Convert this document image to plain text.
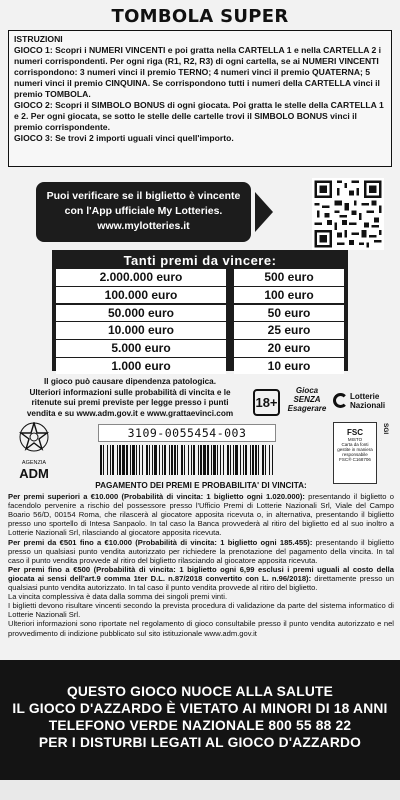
TOMBOLA SUPER

ISTRUZIONI

GIOCO 1: Scopri i NUMERI VINCENTI e poi gratta nella CARTELLA 1 e nella CARTELLA 2 i numeri corrispondenti. Per ogni riga (R1, R2, R3) di ogni cartella, se ai NUMERI VINCENTI corrispondono: 3 numeri vinci il premio TERNO; 4 numeri vinci il premio QUATERNA; 5 numeri vinci il premio CINQUINA. Se corrispondono tutti i numeri della CARTELLA vinci il premio TOMBOLA.

GIOCO 2: Scopri il SIMBOLO BONUS di ogni giocata. Poi gratta le stelle della CARTELLA 1 e 2. Per ogni giocata, se sotto le stelle delle cartelle trovi il SIMBOLO BONUS vinci il premio corrispondente.

GIOCO 3: Se trovi 2 importi uguali vinci quell'importo.

Puoi verificare se il biglietto è vincente
con l'App ufficiale My Lotteries.
www.mylotteries.it
Tanti premi da vincere:
2.000.000 euro	500 euro
100.000 euro	100 euro
50.000 euro	50 euro
10.000 euro	25 euro
5.000 euro	20 euro
1.000 euro	10 euro
Il gioco può causare dipendenza patologica.
Ulteriori informazioni sulle probabilità di vincita e le
ritenute sui premi previste per legge presso i punti
vendita e su www.adm.gov.it e www.grattaevinci.com
18+
Gioca
SENZA
Esagerare
Lotterie
Nazionali
AGENZIA
ADM
3109-0055454-003	FSC
MISTO
Carta da fonti gestite in maniera responsabile
FSC® C168706
SGI
PAGAMENTO DEI PREMI E PROBABILITA' DI VINCITA:

Per premi superiori a €10.000 (Probabilità di vincita: 1 biglietto ogni 1.020.000): presentando il biglietto o facendolo pervenire a rischio del possessore presso l'Ufficio Premi di Lotterie Nazionali Srl, Viale del Campo Boario 56/D, 00154 Roma, che rilascerà al giocatore apposita ricevuta o, in alternativa, presentando il biglietto presso uno sportello di Intesa Sanpaolo. In tal caso la Banca provvederà al ritiro del biglietto ed al suo inoltro a Lotterie Nazionali Srl, rilasciando al giocatore apposita ricevuta.

Per premi da €501 fino a €10.000 (Probabilità di vincita: 1 biglietto ogni 185.455): presentando il biglietto presso un qualsiasi punto vendita autorizzato per richiedere la prenotazione del pagamento della vincita. In tal caso il punto vendita provvede al ritiro del biglietto rilasciando al giocatore apposita ricevuta.

Per premi fino a €500 (Probabilità di vincita: 1 biglietto ogni 6,99 esclusi i premi uguali al costo della giocata ai sensi dell'art.9 comma 1ter D.L. n.87/2018 convertito con L. n.96/2018): direttamente presso un qualsiasi punto vendita autorizzato. In tal caso il punto vendita provvede al ritiro del biglietto.

La vincita complessiva è data dalla somma dei singoli premi vinti.

I biglietti devono risultare vincenti secondo la prevista procedura di validazione da parte del sistema informatico di Lotterie Nazionali Srl.

Ulteriori informazioni sono riportate nel regolamento di gioco consultabile presso il punto vendita autorizzato e nel provvedimento di indizione pubblicato sul sito istituzionale www.adm.gov.it

QUESTO GIOCO NUOCE ALLA SALUTE
IL GIOCO D'AZZARDO È VIETATO AI MINORI DI 18 ANNI
TELEFONO VERDE NAZIONALE 800 55 88 22
PER I DISTURBI LEGATI AL GIOCO D'AZZARDO
